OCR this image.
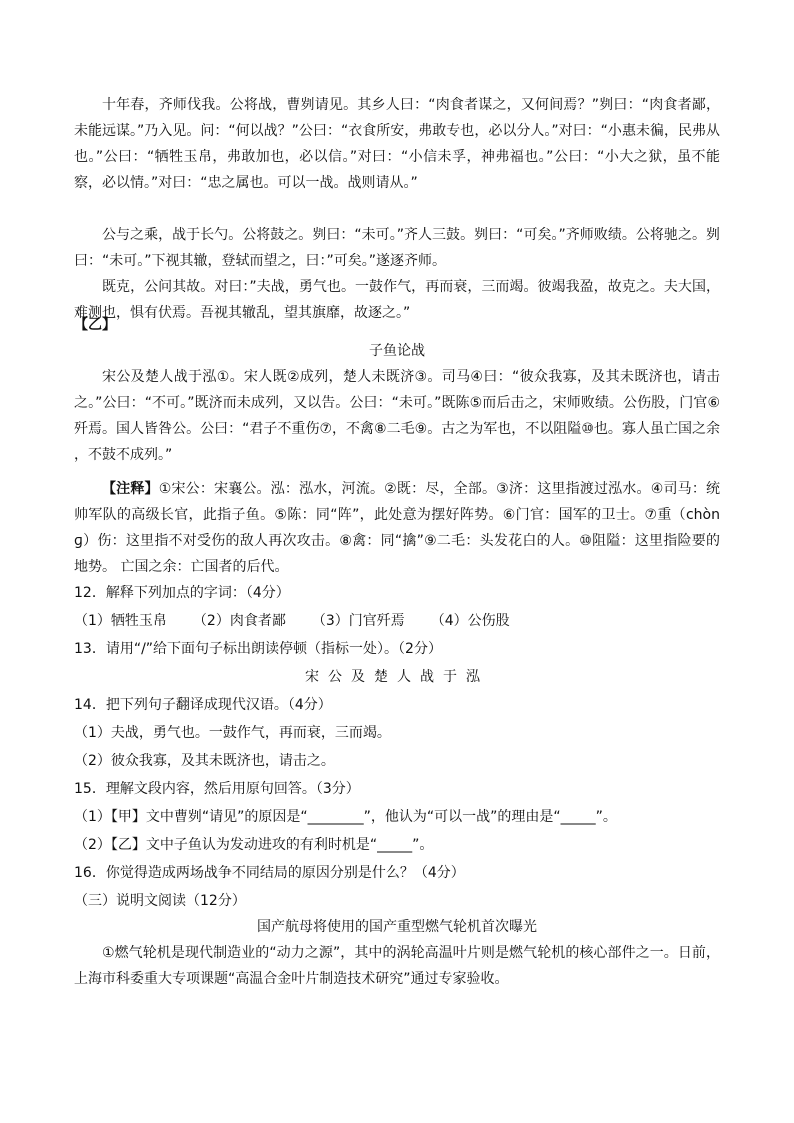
十年春，齐师伐我。公将战，曹刿请见。其乡人曰：“肉食者谋之，又何间焉？”刿曰：“肉食者鄙，未能远谋。”乃入见。问：“何以战？”公曰：“衣食所安，弗敢专也，必以分人。”对曰：“小惠未徧，民弗从也。”公曰：“牺牲玉帛，弗敢加也，必以信。”对曰：“小信未孚，神弗福也。”公曰：“小大之狱，虽不能察，必以情。”对曰：“忠之属也。可以一战。战则请从。”
公与之乘，战于长勺。公将鼓之。刿曰：“未可。”齐人三鼓。刿曰：“可矣。”齐师败绩。公将驰之。刿曰：“未可。”下视其辙，登轼而望之，曰：”可矣。”遂逐齐师。
既克，公问其故。对曰：”夫战，勇气也。一鼓作气，再而衰，三而竭。彼竭我盈，故克之。夫大国，难测也，惧有伏焉。吾视其辙乱，望其旗靡，故逐之。”
【乙】
子鱼论战
宋公及楚人战于泓①。宋人既②成列，楚人未既济③。司马④曰：“彼众我寡，及其未既济也，请击之。”公曰：“不可。”既济而未成列，又以告。公曰：“未可。”既陈⑤而后击之，宋师败绩。公伤股，门官⑥歼焉。国人皆咎公。公曰：“君子不重伤⑦，不禽⑧二毛⑨。古之为军也，不以阻隘⑩也。寡人虽亡国之余 ，不鼓不成列。”
【注释】①宋公：宋襄公。泓：泓水，河流。②既：尽，全部。③济：这里指渡过泓水。④司马：统帅军队的高级长官，此指子鱼。⑤陈：同“阵”，此处意为摆好阵势。⑥门官：国军的卫士。⑦重（chònɡ）伤：这里指不对受伤的敌人再次攻击。⑧禽：同“擒”⑨二毛：头发花白的人。⑩阻隘：这里指险要的地势。 亡国之余：亡国者的后代。
12．解释下列加点的字词：（4分）
（1）牺牲玉帛 （2）肉食者鄙 （3）门官歼焉 （4）公伤股
13．请用“/”给下面句子标出朗读停顿（指标一处）。（2分）
宋公及楚人战于泓
14．把下列句子翻译成现代汉语。（4分）
（1）夫战，勇气也。一鼓作气，再而衰，三而竭。
（2）彼众我寡，及其未既济也，请击之。
15．理解文段内容，然后用原句回答。（3分）
（1）【甲】文中曹刿“请见”的原因是“________”，他认为“可以一战”的理由是“_____”。
（2）【乙】文中子鱼认为发动进攻的有利时机是“_____”。
16．你觉得造成两场战争不同结局的原因分别是什么？（4分）
（三）说明文阅读（12分）
国产航母将使用的国产重型燃气轮机首次曝光
①燃气轮机是现代制造业的“动力之源”，其中的涡轮高温叶片则是燃气轮机的核心部件之一。日前，上海市科委重大专项课题“高温合金叶片制造技术研究”通过专家验收。
